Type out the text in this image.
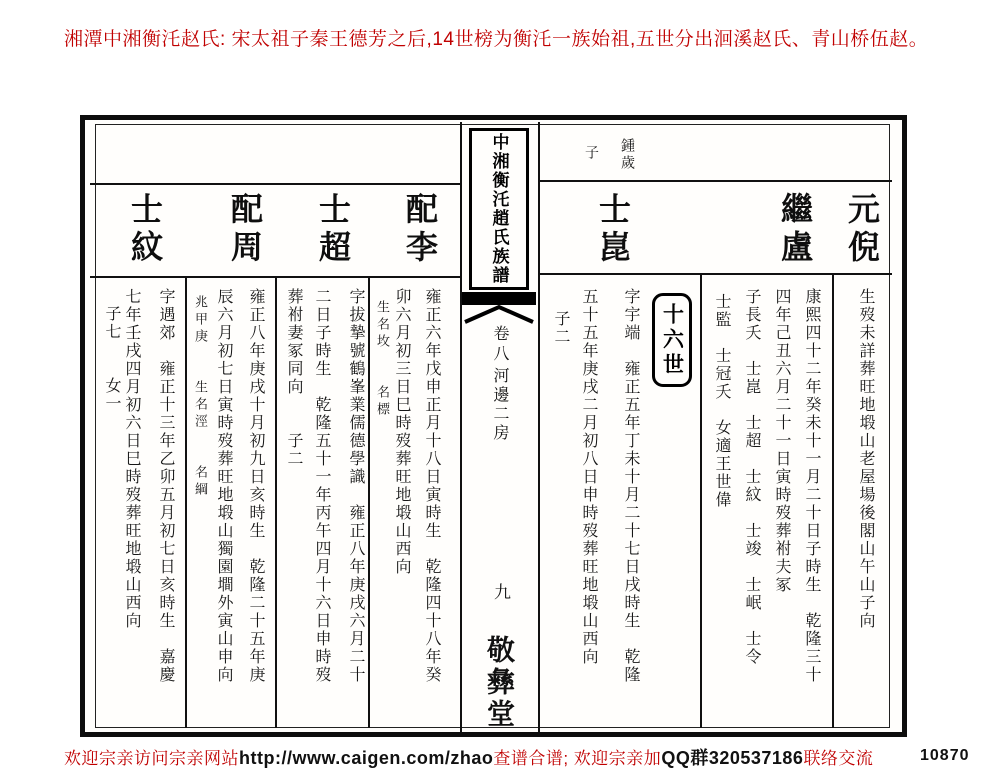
湘潭中湘衡汑赵氏: 宋太祖子秦王德芳之后,14世榜为衡汑一族始祖,五世分出洄溪赵氏、青山桥伍赵。
中湘衡汑趙氏族譜
卷八
河邊二房
九
敬彝堂
鍾歲
子
元倪
繼盧
士崑
十六世	生歿未詳葬旺地塅山老屋場後閣山午山子向
康熙四十二年癸未十一月二十日子時生　乾隆三十
四年己丑六月二十一日寅時歿葬祔夫冢
子長夭　士崑　士超　士紋　士竣　士岷　士令
士監　士冠夭　女適王世偉
字宇端　雍正五年丁未十月二十七日戌時生　乾隆
五十五年庚戌二月初八日申時歿葬旺地塅山西向
子二
配李
士超
配周
士紋
雍正六年戊申正月十八日寅時生　乾隆四十八年癸
卯六月初三日巳時歿葬旺地塅山西向
生名坆　　名標
字拔摯號鶴峯業儒德學識　雍正八年庚戌六月二十
二日子時生　乾隆五十一年丙午四月十六日申時歿
葬祔妻冢同向　　子二
雍正八年庚戌十月初九日亥時生　乾隆二十五年庚
辰六月初七日寅時歿葬旺地塅山獨園墹外寅山申向
兆甲庚　　生名涇　　名綱
字遇郊　雍正十三年乙卯五月初七日亥時生　嘉慶
七年壬戌四月初六日巳時歿葬旺地塅山西向
子七　　女一
欢迎宗亲访问宗亲网站http://www.caigen.com/zhao查谱合谱; 欢迎宗亲加QQ群320537186联络交流	10870
